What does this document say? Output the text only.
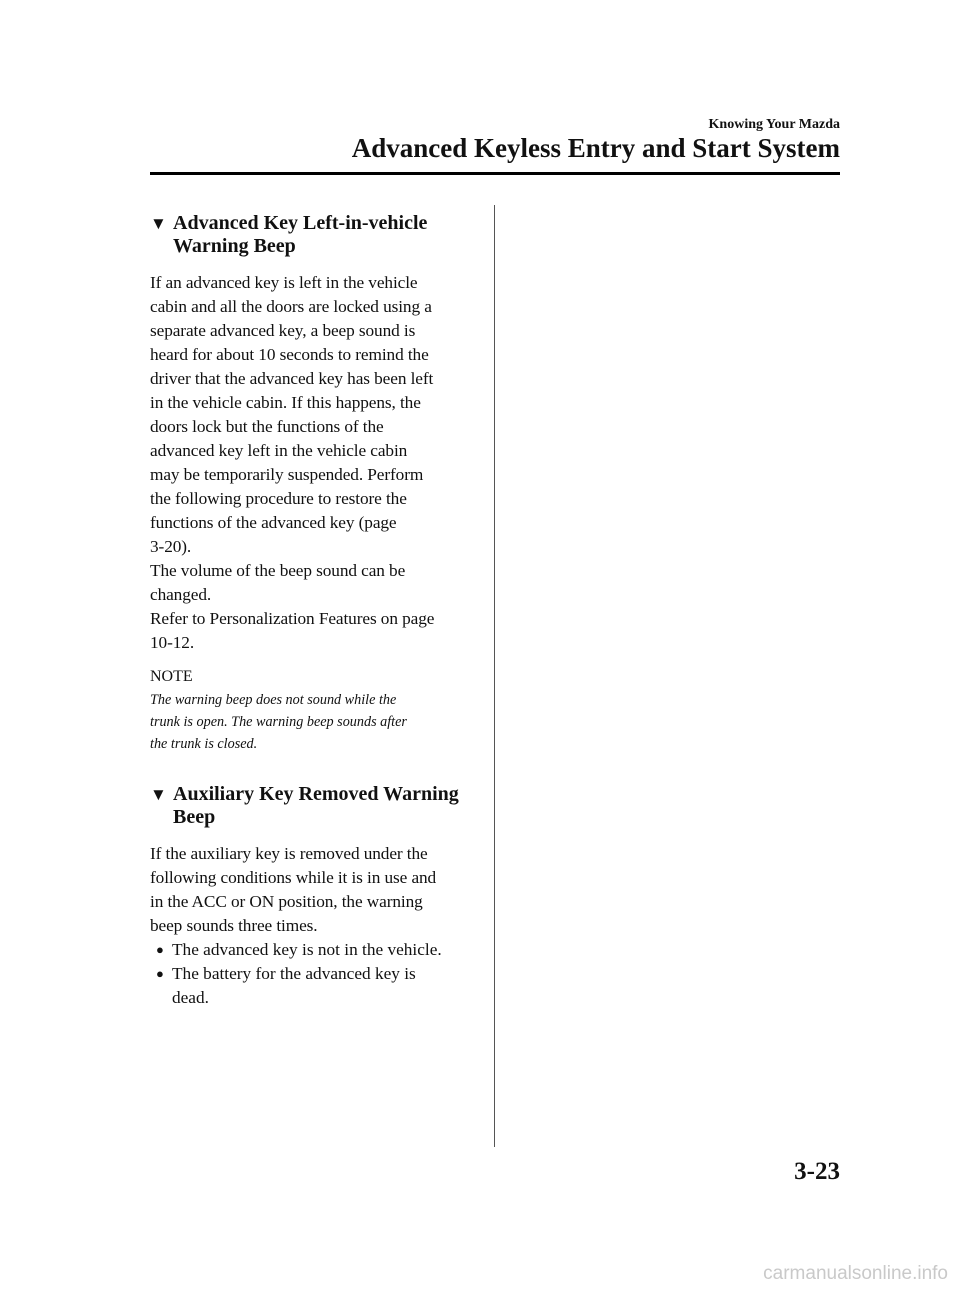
Knowing Your Mazda
Advanced Keyless Entry and Start System
▼ Advanced Key Left-in-vehicle
Warning Beep

If an advanced key is left in the vehicle
cabin and all the doors are locked using a
separate advanced key, a beep sound is
heard for about 10 seconds to remind the
driver that the advanced key has been left
in the vehicle cabin. If this happens, the
doors lock but the functions of the
advanced key left in the vehicle cabin
may be temporarily suspended. Perform
the following procedure to restore the
functions of the advanced key (page
3-20).
The volume of the beep sound can be
changed.
Refer to Personalization Features on page
10-12.

NOTE
The warning beep does not sound while the
trunk is open. The warning beep sounds after
the trunk is closed.
▼ Auxiliary Key Removed Warning
Beep

If the auxiliary key is removed under the
following conditions while it is in use and
in the ACC or ON position, the warning
beep sounds three times.

● The advanced key is not in the vehicle.
● The battery for the advanced key is
dead.
3-23
carmanualsonline.info
